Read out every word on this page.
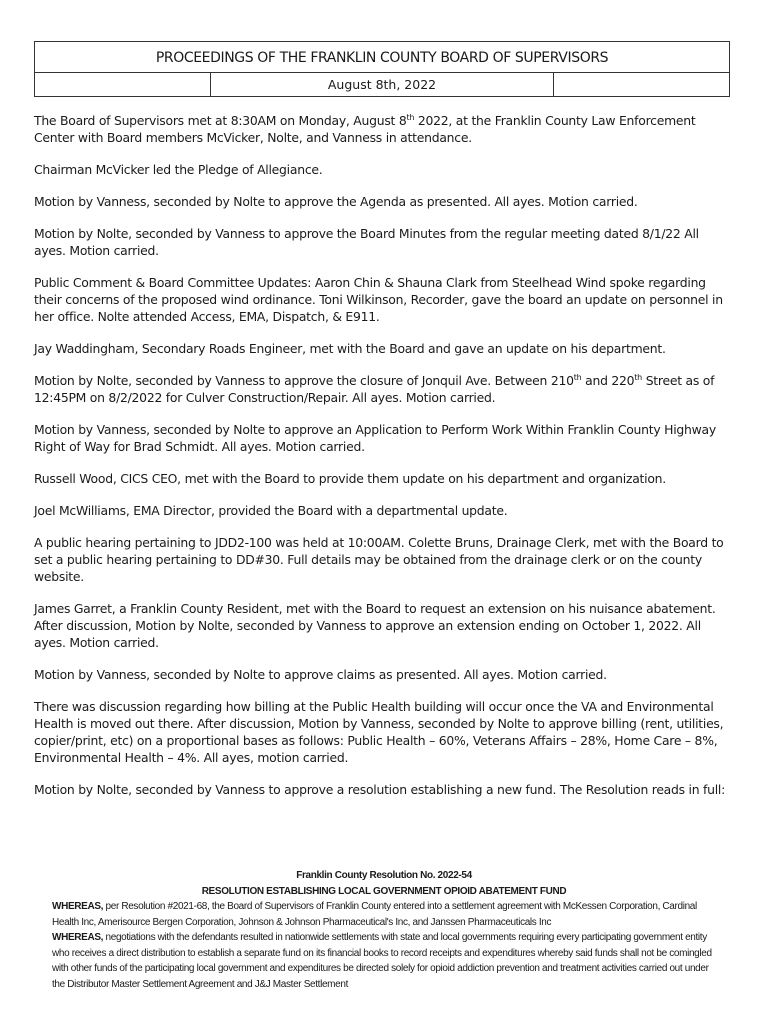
PROCEEDINGS OF THE FRANKLIN COUNTY BOARD OF SUPERVISORS
August 8th, 2022

The Board of Supervisors met at 8:30AM on Monday, August 8th 2022, at the Franklin County Law Enforcement Center with Board members McVicker, Nolte, and Vanness in attendance.

Chairman McVicker led the Pledge of Allegiance.

Motion by Vanness, seconded by Nolte to approve the Agenda as presented. All ayes. Motion carried.

Motion by Nolte, seconded by Vanness to approve the Board Minutes from the regular meeting dated 8/1/22 All ayes. Motion carried.

Public Comment & Board Committee Updates: Aaron Chin & Shauna Clark from Steelhead Wind spoke regarding their concerns of the proposed wind ordinance. Toni Wilkinson, Recorder, gave the board an update on personnel in her office. Nolte attended Access, EMA, Dispatch, & E911.

Jay Waddingham, Secondary Roads Engineer, met with the Board and gave an update on his department.

Motion by Nolte, seconded by Vanness to approve the closure of Jonquil Ave. Between 210th and 220th Street as of 12:45PM on 8/2/2022 for Culver Construction/Repair. All ayes. Motion carried.

Motion by Vanness, seconded by Nolte to approve an Application to Perform Work Within Franklin County Highway Right of Way for Brad Schmidt. All ayes. Motion carried.

Russell Wood, CICS CEO, met with the Board to provide them update on his department and organization.

Joel McWilliams, EMA Director, provided the Board with a departmental update.

A public hearing pertaining to JDD2-100 was held at 10:00AM. Colette Bruns, Drainage Clerk, met with the Board to set a public hearing pertaining to DD#30. Full details may be obtained from the drainage clerk or on the county website.

James Garret, a Franklin County Resident, met with the Board to request an extension on his nuisance abatement. After discussion, Motion by Nolte, seconded by Vanness to approve an extension ending on October 1, 2022. All ayes. Motion carried.

Motion by Vanness, seconded by Nolte to approve claims as presented. All ayes. Motion carried.

There was discussion regarding how billing at the Public Health building will occur once the VA and Environmental Health is moved out there. After discussion, Motion by Vanness, seconded by Nolte to approve billing (rent, utilities, copier/print, etc) on a proportional bases as follows: Public Health – 60%, Veterans Affairs – 28%, Home Care – 8%, Environmental Health – 4%. All ayes, motion carried.

Motion by Nolte, seconded by Vanness to approve a resolution establishing a new fund. The Resolution reads in full:

Franklin County Resolution No. 2022-54

RESOLUTION ESTABLISHING LOCAL GOVERNMENT OPIOID ABATEMENT FUND

WHEREAS, per Resolution #2021-68, the Board of Supervisors of Franklin County entered into a settlement agreement with McKessen Corporation, Cardinal Health Inc, Amerisource Bergen Corporation, Johnson & Johnson Pharmaceutical's Inc, and Janssen Pharmaceuticals Inc

WHEREAS, negotiations with the defendants resulted in nationwide settlements with state and local governments requiring every participating government entity who receives a direct distribution to establish a separate fund on its financial books to record receipts and expenditures whereby said funds shall not be comingled with other funds of the participating local government and expenditures be directed solely for opioid addiction prevention and treatment activities carried out under the Distributor Master Settlement Agreement and J&J Master Settlement
